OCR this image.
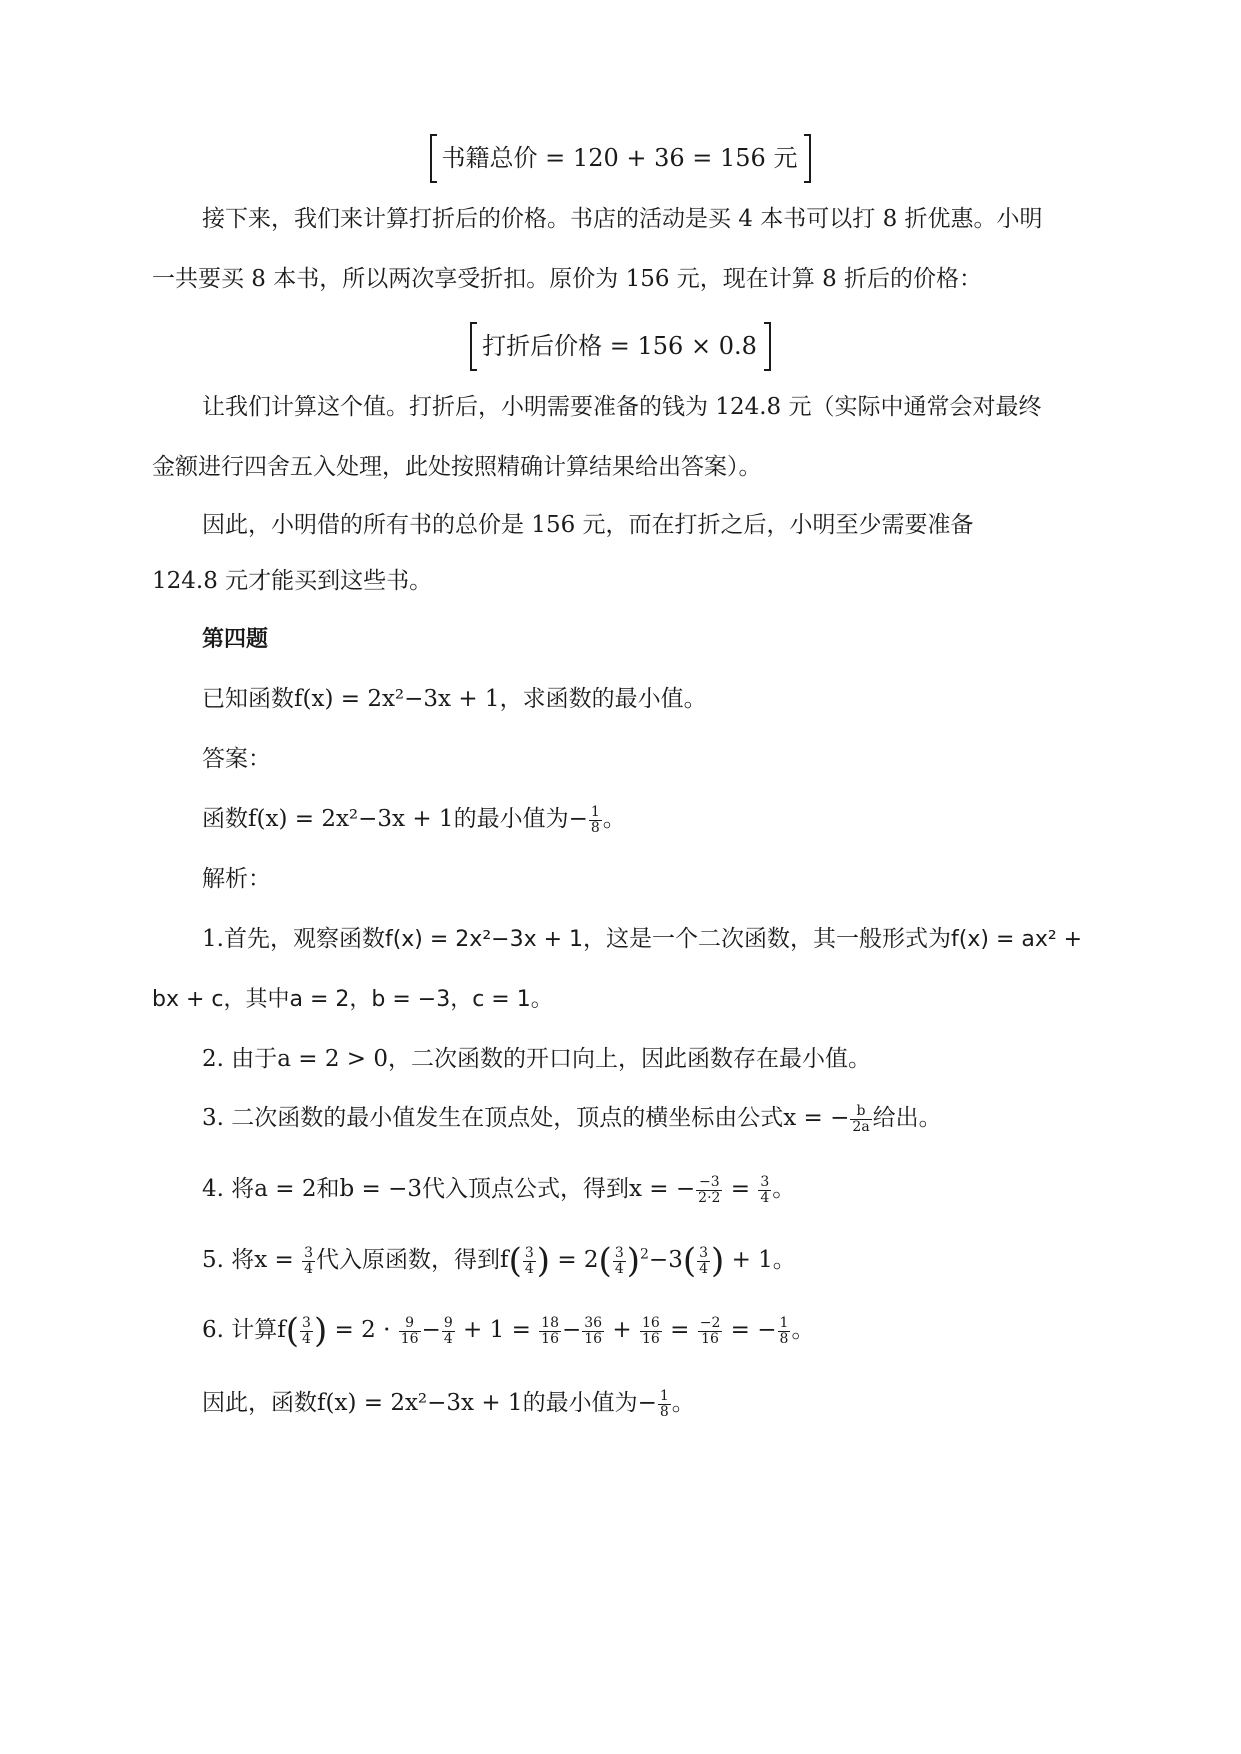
书籍总价 = 120 + 36 = 156 元
接下来，我们来计算打折后的价格。书店的活动是买 4 本书可以打 8 折优惠。小明
一共要买 8 本书，所以两次享受折扣。原价为 156 元，现在计算 8 折后的价格：
打折后价格 = 156 × 0.8
让我们计算这个值。打折后，小明需要准备的钱为 124.8 元（实际中通常会对最终
金额进行四舍五入处理，此处按照精确计算结果给出答案）。
因此，小明借的所有书的总价是 156 元，而在打折之后，小明至少需要准备
124.8 元才能买到这些书。
第四题
已知函数f(x) = 2x²−3x + 1，求函数的最小值。
答案：
函数f(x) = 2x²−3x + 1的最小值为− $\frac{1}{8}$ 。
解析：
1.首先，观察函数f(x) = 2x²−3x + 1，这是一个二次函数，其一般形式为f(x) = ax² +
bx + c，其中a = 2，b = −3，c = 1。
2. 由于a = 2 > 0，二次函数的开口向上，因此函数存在最小值。
3. 二次函数的最小值发生在顶点处，顶点的横坐标由公式x = − $\frac{b}{2a}$ 给出。
4. 将a = 2和b = −3代入顶点公式，得到x = − $\frac{-3}{2\cdot 2} = \frac{3}{4}$ 。
5. 将$x = \frac{3}{4}$ 代入原函数，得到$f( \frac{3}{4}$ ) = $2( \frac{3}{4} )^2-3( \frac{3}{4}$ ) + 1。
6. 计算$f( \frac{3}{4}$ ) = $2 \cdot \frac{9}{16} - \frac{9}{4} + 1 = \frac{18}{16} - \frac{36}{16} + \frac{16}{16} = \frac{-2}{16}$ = − $\frac{1}{8}$ 。
因此，函数f(x) = 2x²−3x + 1的最小值为− $\frac{1}{8}$ 。
